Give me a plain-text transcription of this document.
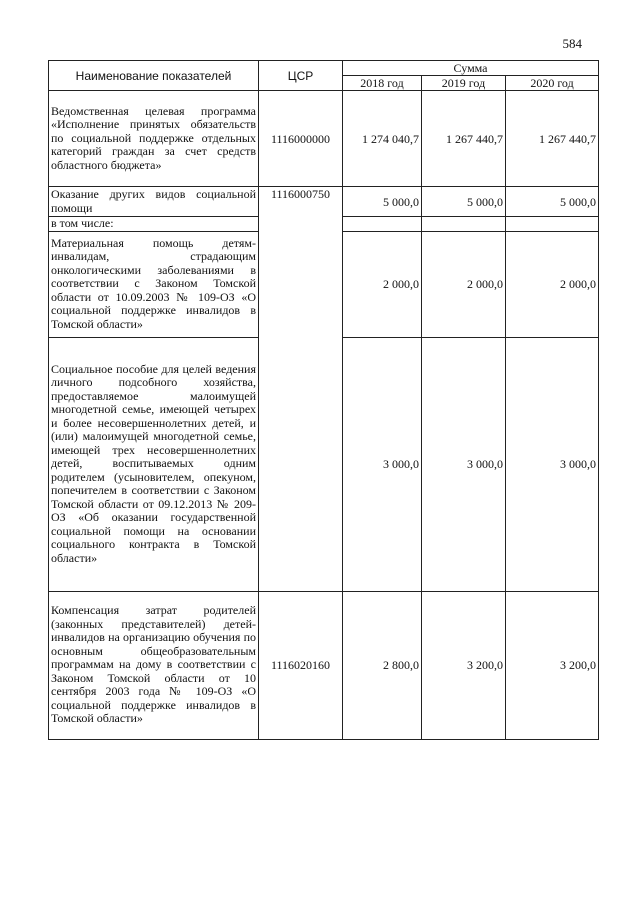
584
Наименование показателей	ЦСР	Сумма		
		2018 год	2019 год	2020 год
Ведомственная целевая программа «Исполнение принятых обязательств по социальной поддержке отдельных категорий граждан за счет средств областного бюджета»	1116000000	1 274 040,7	1 267 440,7	1 267 440,7
Оказание других видов социальной помощи	1116000750	5 000,0	5 000,0	5 000,0
в том числе:				
Материальная помощь детям-инвалидам, страдающим онкологическими заболеваниями в соответствии с Законом Томской области от 10.09.2003 № 109-ОЗ «О социальной поддержке инвалидов в Томской области»		2 000,0	2 000,0	2 000,0
Социальное пособие для целей ведения личного подсобного хозяйства, предоставляемое малоимущей многодетной семье, имеющей четырех и более несовершеннолетних детей, и (или) малоимущей многодетной семье, имеющей трех несовершеннолетних детей, воспитываемых одним родителем (усыновителем, опекуном, попечителем в соответствии с Законом Томской области от 09.12.2013 № 209-ОЗ «Об оказании государственной социальной помощи на основании социального контракта в Томской области»		3 000,0	3 000,0	3 000,0
Компенсация затрат родителей (законных представителей) детей-инвалидов на организацию обучения по основным общеобразовательным программам на дому в соответствии с Законом Томской области от 10 сентября 2003 года № 109-ОЗ «О социальной поддержке инвалидов в Томской области»	1116020160	2 800,0	3 200,0	3 200,0
